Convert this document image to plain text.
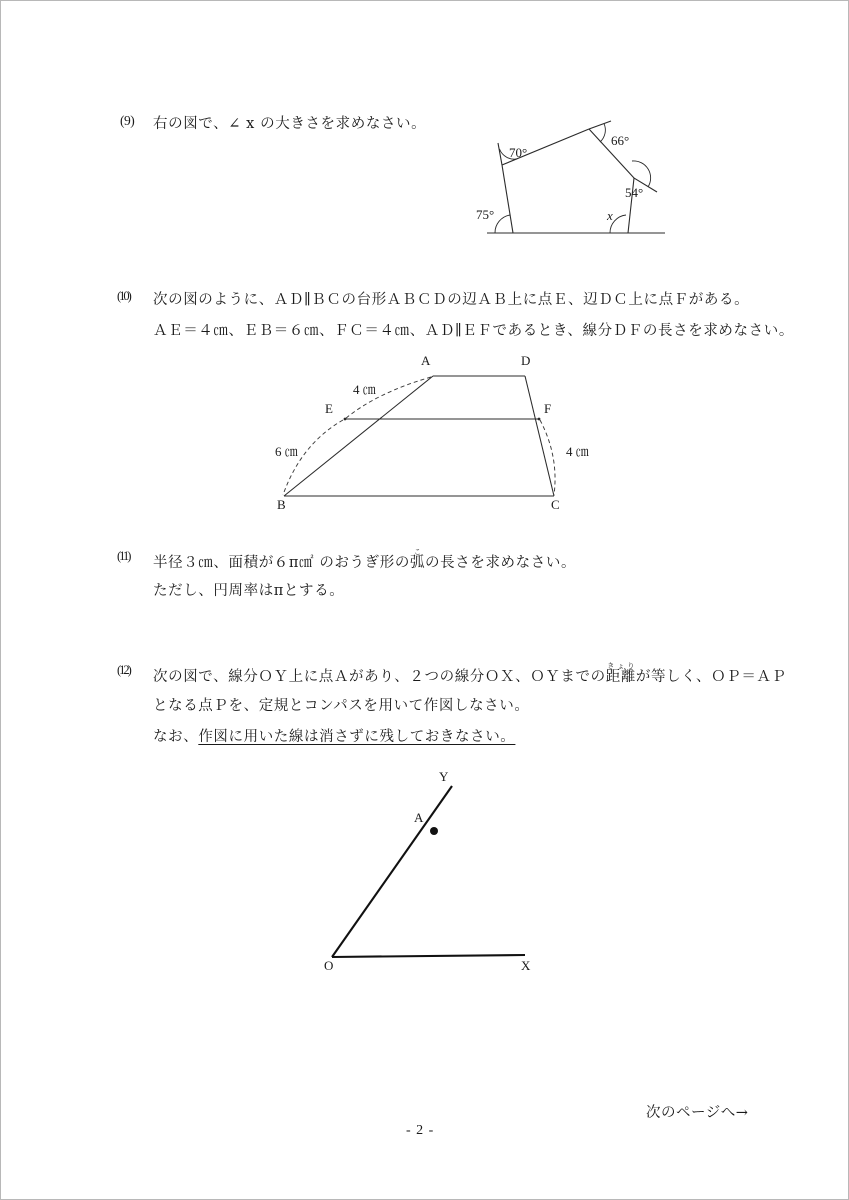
(9) 右の図で、∠ x の大きさを求めなさい。
70°
66°
54°
75°	x
(10) 次の図のように、ＡＤ∥ＢＣの台形ＡＢＣＤの辺ＡＢ上に点Ｅ、辺ＤＣ上に点Ｆがある。
ＡＥ＝４㎝、ＥＢ＝６㎝、ＦＣ＝４㎝、ＡＤ∥ＥＦであるとき、線分ＤＦの長さを求めなさい。
A	D
E	F
B	C
4 ㎝
6 ㎝	4 ㎝
(11) 半径３㎝、面積が６π㎠ のおうぎ形の弧この長さを求めなさい。
ただし、円周率はπとする。
(12) 次の図で、線分ＯＹ上に点Ａがあり、２つの線分ＯＸ、ＯＹまでの距離きょりが等しく、ＯＰ＝ＡＰ
となる点Ｐを、定規とコンパスを用いて作図しなさい。
なお、作図に用いた線は消さずに残しておきなさい。
Y
A
O	X
次のページへ→
- 2 -
